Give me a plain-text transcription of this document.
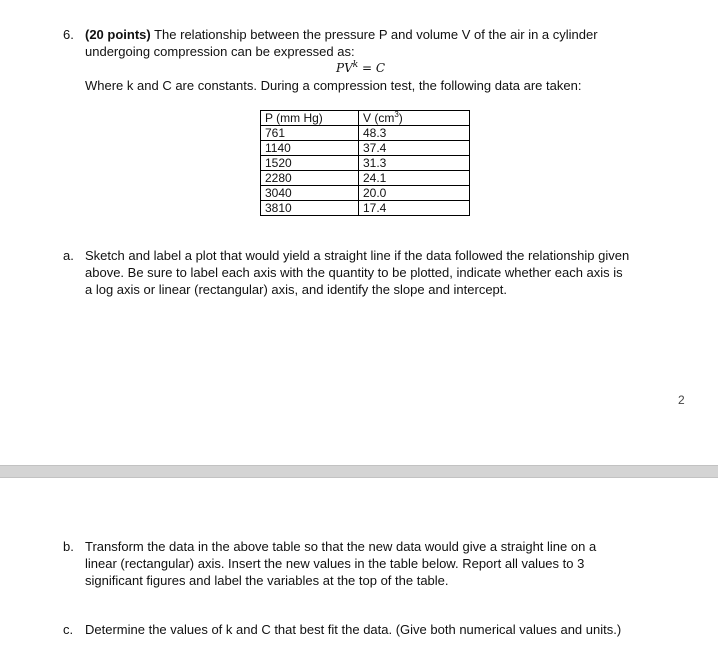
6. (20 points) The relationship between the pressure P and volume V of the air in a cylinder
undergoing compression can be expressed as:
$PV^k = C$
Where k and C are constants. During a compression test, the following data are taken:
P (mm Hg)	V $(cm^3)$
761	48.3
1140	37.4
1520	31.3
2280	24.1
3040	20.0
3810	17.4
a. Sketch and label a plot that would yield a straight line if the data followed the relationship given
above. Be sure to label each axis with the quantity to be plotted, indicate whether each axis is
a log axis or linear (rectangular) axis, and identify the slope and intercept.
2
b. Transform the data in the above table so that the new data would give a straight line on a
linear (rectangular) axis. Insert the new values in the table below. Report all values to 3
significant figures and label the variables at the top of the table.
c. Determine the values of k and C that best fit the data. (Give both numerical values and units.)
